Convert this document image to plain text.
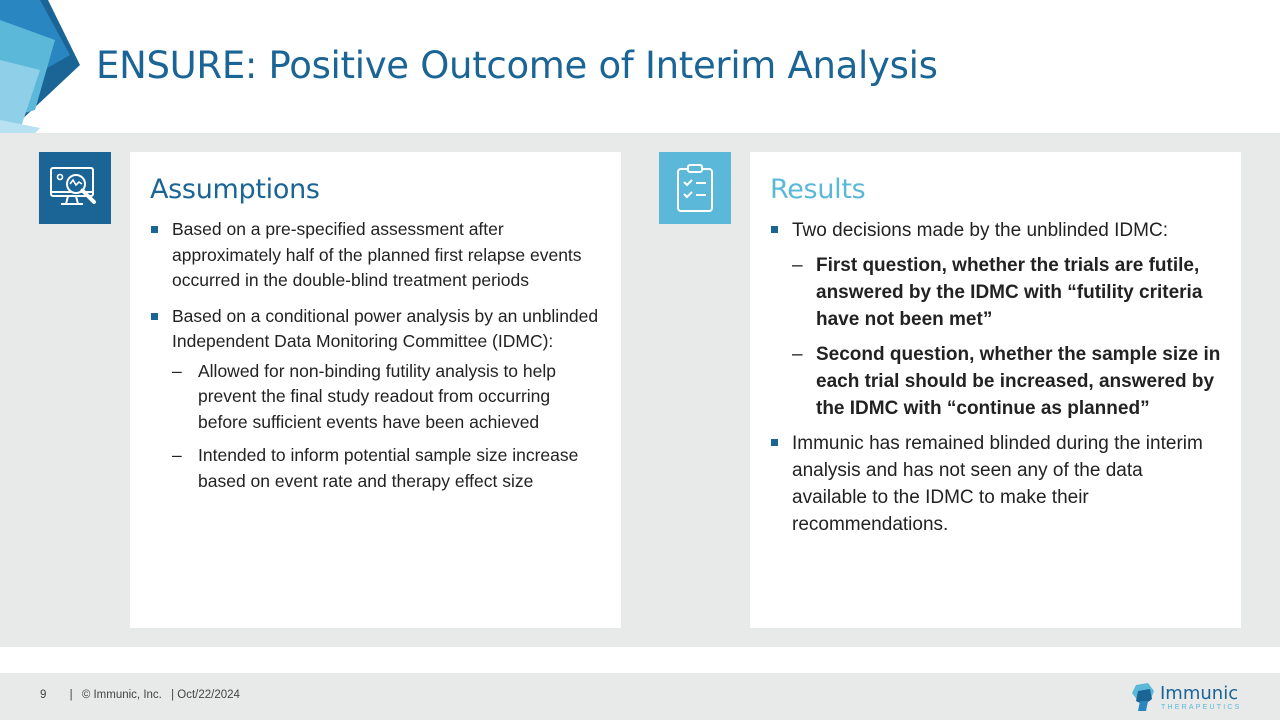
ENSURE: Positive Outcome of Interim Analysis
Assumptions
Based on a pre-specified assessment after approximately half of the planned first relapse events occurred in the double-blind treatment periods
Based on a conditional power analysis by an unblinded Independent Data Monitoring Committee (IDMC):
– Allowed for non-binding futility analysis to help prevent the final study readout from occurring before sufficient events have been achieved
– Intended to inform potential sample size increase based on event rate and therapy effect size
Results
Two decisions made by the unblinded IDMC:
– First question, whether the trials are futile, answered by the IDMC with “futility criteria have not been met”
– Second question, whether the sample size in each trial should be increased, answered by the IDMC with “continue as planned”
Immunic has remained blinded during the interim analysis and has not seen any of the data available to the IDMC to make their recommendations.
9 | © Immunic, Inc. | Oct/22/2024	Immunic
THERAPEUTICS
